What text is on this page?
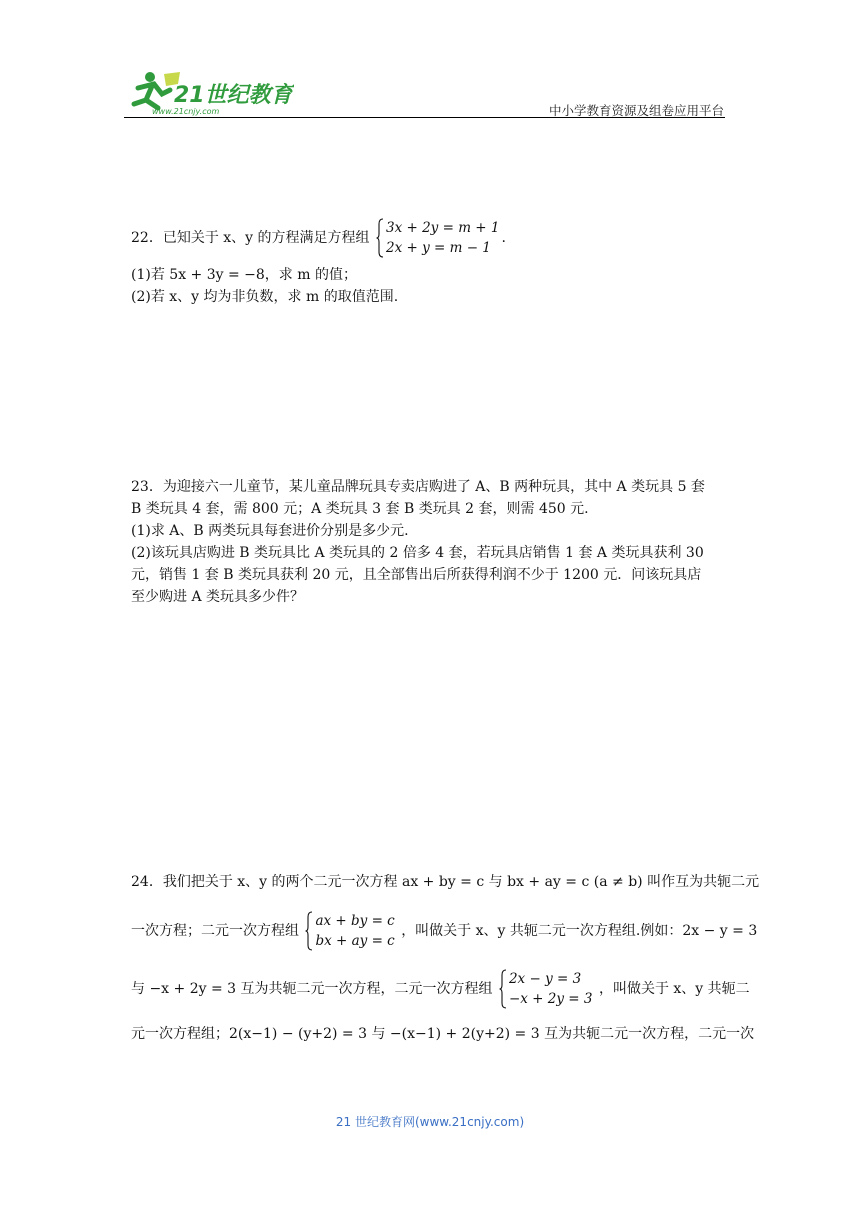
21世纪教育
www.21cnjy.com	中小学教育资源及组卷应用平台
22．已知关于 x、y 的方程满足方程组
3x + 2y = m + 1
2x + y = m − 1
.
(1)若 5x + 3y = −8，求 m 的值；
(2)若 x、y 均为非负数，求 m 的取值范围.
23．为迎接六一儿童节，某儿童品牌玩具专卖店购进了 A、B 两种玩具，其中 A 类玩具 5 套
B 类玩具 4 套，需 800 元；A 类玩具 3 套 B 类玩具 2 套，则需 450 元.
(1)求 A、B 两类玩具每套进价分别是多少元.
(2)该玩具店购进 B 类玩具比 A 类玩具的 2 倍多 4 套，若玩具店销售 1 套 A 类玩具获利 30
元，销售 1 套 B 类玩具获利 20 元，且全部售出后所获得利润不少于 1200 元．问该玩具店
至少购进 A 类玩具多少件？
24．我们把关于 x、y 的两个二元一次方程 ax + by = c 与 bx + ay = c (a ≠ b) 叫作互为共轭二元
一次方程；二元一次方程组
ax + by = c
bx + ay = c
，叫做关于 x、y 共轭二元一次方程组.例如：2x − y = 3
与 −x + 2y = 3 互为共轭二元一次方程，二元一次方程组
2x − y = 3
−x + 2y = 3
，叫做关于 x、y 共轭二
元一次方程组；2(x−1) − (y+2) = 3 与 −(x−1) + 2(y+2) = 3 互为共轭二元一次方程，二元一次
21 世纪教育网(www.21cnjy.com)
